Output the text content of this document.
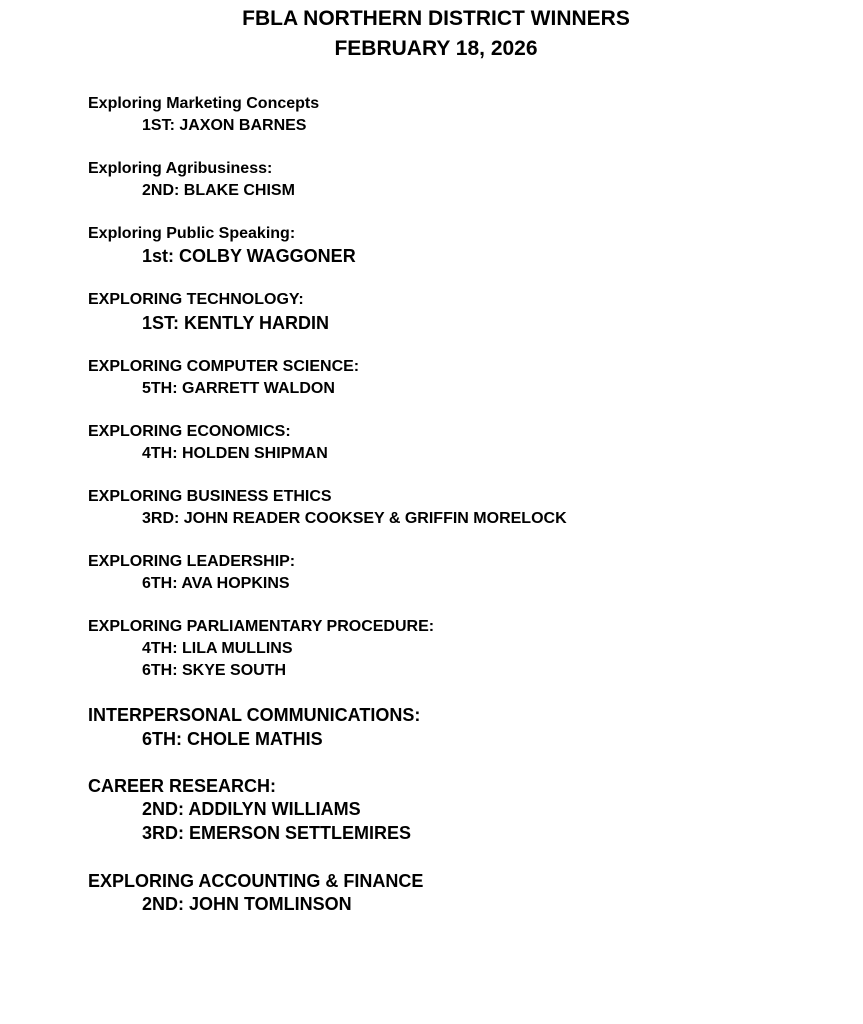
FBLA NORTHERN DISTRICT WINNERS
FEBRUARY 18, 2026

Exploring Marketing Concepts

1ST: JAXON BARNES

Exploring Agribusiness:

2ND: BLAKE CHISM

Exploring Public Speaking:

1st: COLBY WAGGONER

EXPLORING TECHNOLOGY:

1ST: KENTLY HARDIN

EXPLORING COMPUTER SCIENCE:

5TH: GARRETT WALDON

EXPLORING ECONOMICS:

4TH: HOLDEN SHIPMAN

EXPLORING BUSINESS ETHICS

3RD: JOHN READER COOKSEY & GRIFFIN MORELOCK

EXPLORING LEADERSHIP:

6TH: AVA HOPKINS

EXPLORING PARLIAMENTARY PROCEDURE:

4TH: LILA MULLINS

6TH: SKYE SOUTH

INTERPERSONAL COMMUNICATIONS:

6TH: CHOLE MATHIS

CAREER RESEARCH:

2ND: ADDILYN WILLIAMS

3RD: EMERSON SETTLEMIRES

EXPLORING ACCOUNTING & FINANCE

2ND: JOHN TOMLINSON
